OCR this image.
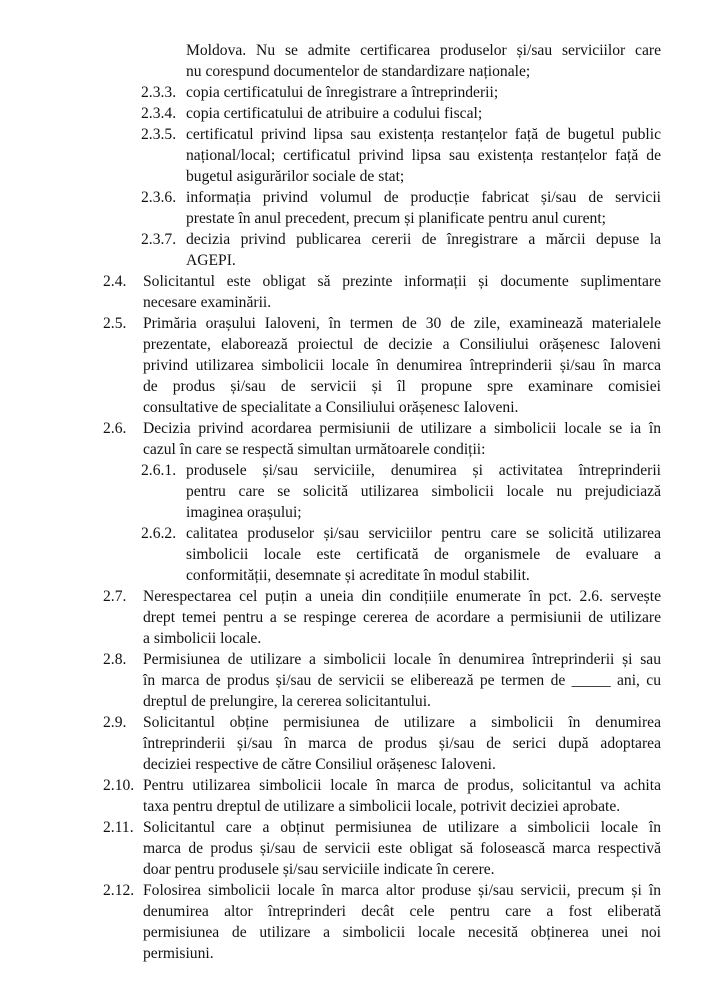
Moldova. Nu se admite certificarea produselor și/sau serviciilor care
nu corespund documentelor de standardizare naționale;
2.3.3. copia certificatului de înregistrare a întreprinderii;
2.3.4. copia certificatului de atribuire a codului fiscal;
2.3.5. certificatul privind lipsa sau existența restanțelor față de bugetul public
național/local; certificatul privind lipsa sau existența restanțelor față de
bugetul asigurărilor sociale de stat;
2.3.6. informația privind volumul de producție fabricat și/sau de servicii
prestate în anul precedent, precum și planificate pentru anul curent;
2.3.7. decizia privind publicarea cererii de înregistrare a mărcii depuse la
AGEPI.
2.4. Solicitantul este obligat să prezinte informații și documente suplimentare
necesare examinării.
2.5. Primăria orașului Ialoveni, în termen de 30 de zile, examinează materialele
prezentate, elaborează proiectul de decizie a Consiliului orășenesc Ialoveni
privind utilizarea simbolicii locale în denumirea întreprinderii și/sau în marca
de produs și/sau de servicii și îl propune spre examinare comisiei
consultative de specialitate a Consiliului orășenesc Ialoveni.
2.6. Decizia privind acordarea permisiunii de utilizare a simbolicii locale se ia în
cazul în care se respectă simultan următoarele condiții:
2.6.1. produsele și/sau serviciile, denumirea și activitatea întreprinderii
pentru care se solicită utilizarea simbolicii locale nu prejudiciază
imaginea orașului;
2.6.2. calitatea produselor și/sau serviciilor pentru care se solicită utilizarea
simbolicii locale este certificată de organismele de evaluare a
conformității, desemnate și acreditate în modul stabilit.
2.7. Nerespectarea cel puțin a uneia din condițiile enumerate în pct. 2.6. servește
drept temei pentru a se respinge cererea de acordare a permisiunii de utilizare
a simbolicii locale.
2.8. Permisiunea de utilizare a simbolicii locale în denumirea întreprinderii și sau
în marca de produs și/sau de servicii se eliberează pe termen de _____ ani, cu
dreptul de prelungire, la cererea solicitantului.
2.9. Solicitantul obține permisiunea de utilizare a simbolicii în denumirea
întreprinderii și/sau în marca de produs și/sau de serici după adoptarea
deciziei respective de către Consiliul orășenesc Ialoveni.
2.10. Pentru utilizarea simbolicii locale în marca de produs, solicitantul va achita
taxa pentru dreptul de utilizare a simbolicii locale, potrivit deciziei aprobate.
2.11. Solicitantul care a obținut permisiunea de utilizare a simbolicii locale în
marca de produs și/sau de servicii este obligat să folosească marca respectivă
doar pentru produsele și/sau serviciile indicate în cerere.
2.12. Folosirea simbolicii locale în marca altor produse și/sau servicii, precum și în
denumirea altor întreprinderi decât cele pentru care a fost eliberată
permisiunea de utilizare a simbolicii locale necesită obținerea unei noi
permisiuni.
